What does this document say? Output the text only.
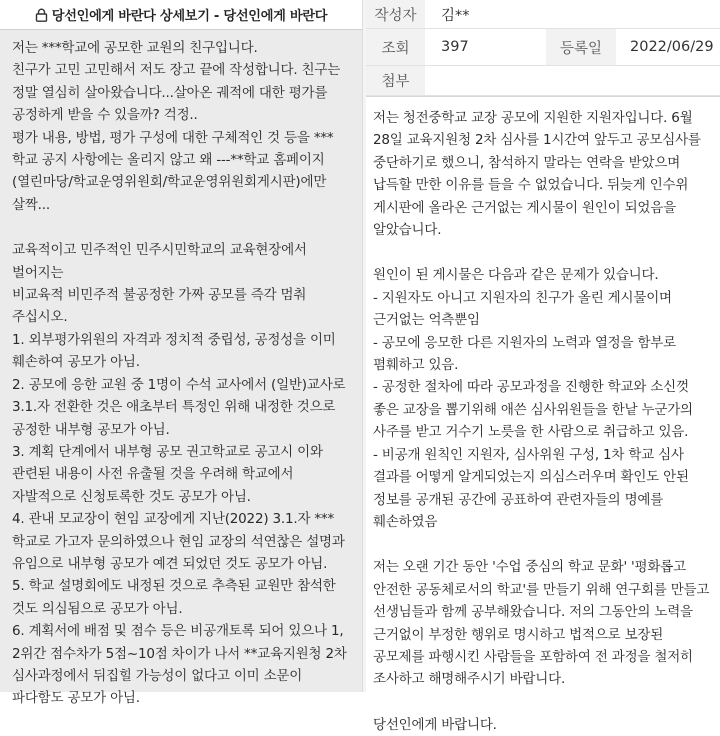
당선인에게 바란다 상세보기 - 당선인에게 바란다

저는 ***학교에 공모한 교원의 친구입니다.
친구가 고민 고민해서 저도 장고 끝에 작성합니다. 친구는 정말 열심히 살아왔습니다...살아온 궤적에 대한 평가를 공정하게 받을 수 있을까? 걱정..
평가 내용, 방법, 평가 구성에 대한 구체적인 것 등을 *** 학교 공지 사항에는 올리지 않고 왜 ---**학교 홈페이지(열린마당/학교운영위원회/학교운영위원회게시판)에만 살짝...

교육적이고 민주적인 민주시민학교의 교육현장에서 벌어지는
비교육적 비민주적 불공정한 가짜 공모를 즉각 멈춰 주십시오.
1. 외부평가위원의 자격과 정치적 중립성, 공정성을 이미 훼손하여 공모가 아님.
2. 공모에 응한 교원 중 1명이 수석 교사에서 (일반)교사로 3.1.자 전환한 것은 애초부터 특정인 위해 내정한 것으로 공정한 내부형 공모가 아님.
3. 계획 단계에서 내부형 공모 권고학교로 공고시 이와 관련된 내용이 사전 유출될 것을 우려해 학교에서 자발적으로 신청토록한 것도 공모가 아님.
4. 관내 모교장이 현임 교장에게 지난(2022) 3.1.자 *** 학교로 가고자 문의하였으나 현임 교장의 석연찮은 설명과 유임으로 내부형 공모가 예견 되었던 것도 공모가 아님.
5. 학교 설명회에도 내정된 것으로 추측된 교원만 참석한 것도 의심됨으로 공모가 아님.
6. 계획서에 배점 및 점수 등은 비공개토록 되어 있으나 1, 2위간 점수차가 5점~10점 차이가 나서 **교육지원청 2차 심사과정에서 뒤집힐 가능성이 없다고 이미 소문이 파다함도 공모가 아님.

작성자	김**
조회	397	등록일	2022/06/29
첨부

저는 청전중학교 교장 공모에 지원한 지원자입니다. 6월 28일 교육지원청 2차 심사를 1시간여 앞두고 공모심사를 중단하기로 했으니, 참석하지 말라는 연락을 받았으며 납득할 만한 이유를 들을 수 없었습니다. 뒤늦게 인수위 게시판에 올라온 근거없는 게시물이 원인이 되었음을 알았습니다.

원인이 된 게시물은 다음과 같은 문제가 있습니다.
- 지원자도 아니고 지원자의 친구가 올린 게시물이며 근거없는 억측뿐임
- 공모에 응모한 다른 지원자의 노력과 열정을 함부로 폄훼하고 있음.
- 공정한 절차에 따라 공모과정을 진행한 학교와 소신껏 좋은 교장을 뽑기위해 애쓴 심사위원들을 한낱 누군가의 사주를 받고 거수기 노릇을 한 사람으로 취급하고 있음.
- 비공개 원칙인 지원자, 심사위원 구성, 1차 학교 심사 결과를 어떻게 알게되었는지 의심스러우며 확인도 안된 정보를 공개된 공간에 공표하여 관련자들의 명예를 훼손하였음

저는 오랜 기간 동안 '수업 중심의 학교 문화' '평화롭고 안전한 공동체로서의 학교'를 만들기 위해 연구회를 만들고 선생님들과 함께 공부해왔습니다. 저의 그동안의 노력을 근거없이 부정한 행위로 명시하고 법적으로 보장된 공모제를 파행시킨 사람들을 포함하여 전 과정을 철저히 조사하고 해명해주시기 바랍니다.

당선인에게 바랍니다.
